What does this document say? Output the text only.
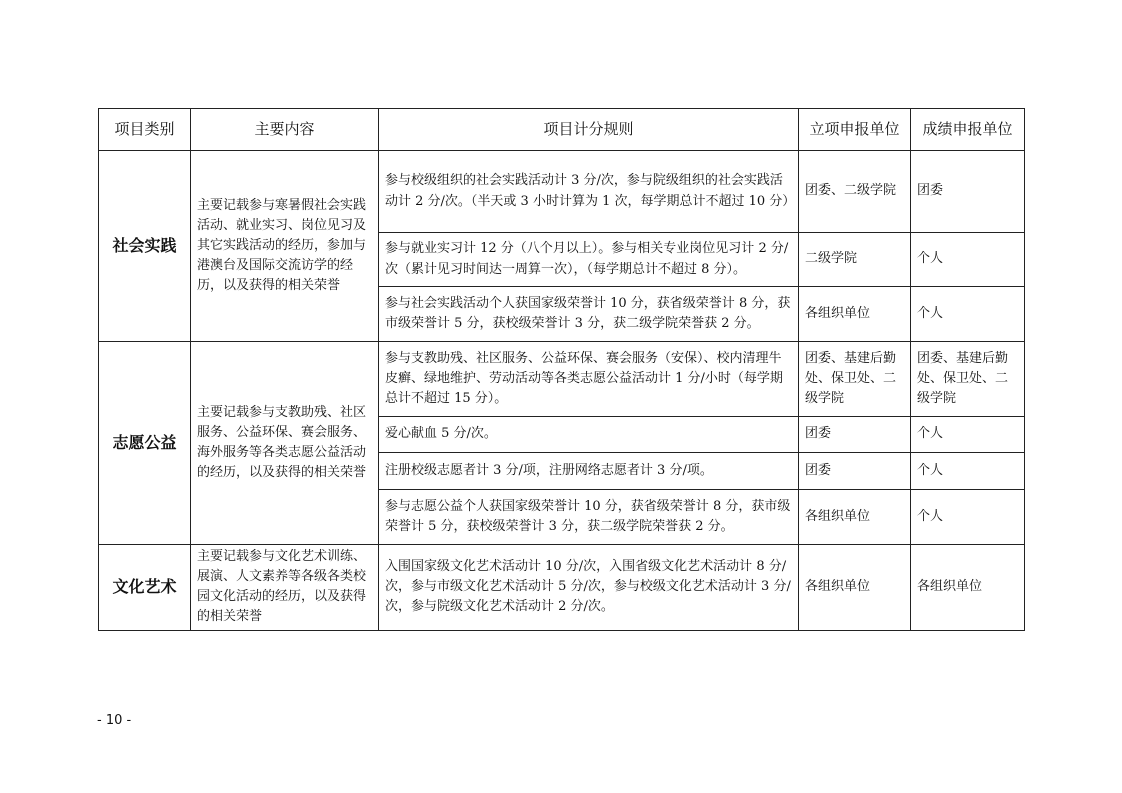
项目类别	主要内容	项目计分规则	立项申报单位	成绩申报单位
社会实践	主要记载参与寒暑假社会实践活动、就业实习、岗位见习及其它实践活动的经历，参加与港澳台及国际交流访学的经历，以及获得的相关荣誉	参与校级组织的社会实践活动计 3 分/次，参与院级组织的社会实践活动计 2 分/次。（半天或 3 小时计算为 1 次，每学期总计不超过 10 分）	团委、二级学院	团委
		参与就业实习计 12 分（八个月以上）。参与相关专业岗位见习计 2 分/次（累计见习时间达一周算一次），（每学期总计不超过 8 分）。	二级学院	个人
		参与社会实践活动个人获国家级荣誉计 10 分，获省级荣誉计 8 分，获市级荣誉计 5 分，获校级荣誉计 3 分，获二级学院荣誉获 2 分。	各组织单位	个人
志愿公益	主要记载参与支教助残、社区服务、公益环保、赛会服务、海外服务等各类志愿公益活动的经历，以及获得的相关荣誉	参与支教助残、社区服务、公益环保、赛会服务（安保）、校内清理牛皮癣、绿地维护、劳动活动等各类志愿公益活动计 1 分/小时（每学期总计不超过 15 分）。	团委、基建后勤处、保卫处、二级学院	团委、基建后勤处、保卫处、二级学院
		爱心献血 5 分/次。	团委	个人
		注册校级志愿者计 3 分/项，注册网络志愿者计 3 分/项。	团委	个人
		参与志愿公益个人获国家级荣誉计 10 分，获省级荣誉计 8 分，获市级荣誉计 5 分，获校级荣誉计 3 分，获二级学院荣誉获 2 分。	各组织单位	个人
文化艺术	主要记载参与文化艺术训练、展演、人文素养等各级各类校园文化活动的经历，以及获得的相关荣誉	入围国家级文化艺术活动计 10 分/次，入围省级文化艺术活动计 8 分/次，参与市级文化艺术活动计 5 分/次，参与校级文化艺术活动计 3 分/次，参与院级文化艺术活动计 2 分/次。	各组织单位	各组织单位
- 10 -
